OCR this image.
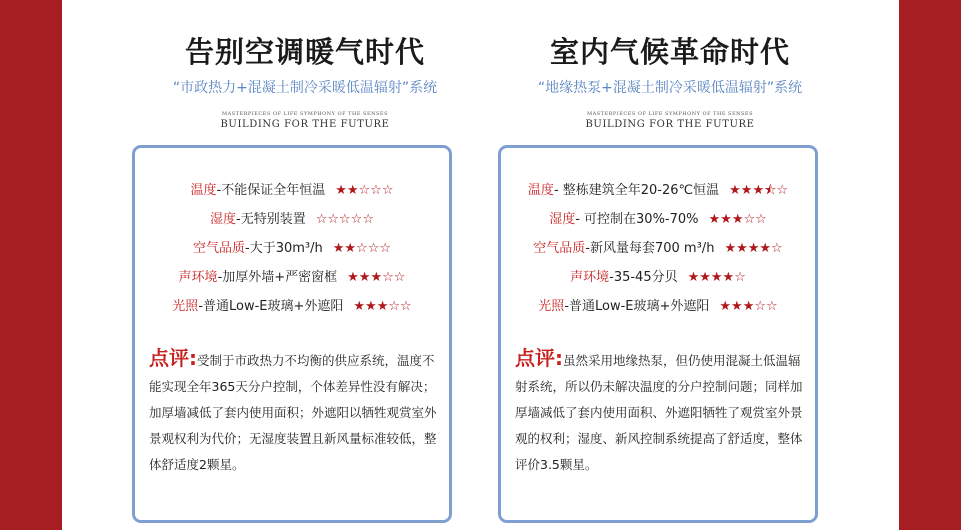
告别空调暖气时代
“市政热力+混凝土制冷采暖低温辐射”系统
MASTERPIECES OF LIFE SYMPHONY OF THE SENSES
BUILDING FOR THE FUTURE
温度-不能保证全年恒温 ★★☆☆☆
湿度-无特别装置 ☆☆☆☆☆
空气品质-大于30m³/h ★★☆☆☆
声环境-加厚外墙+严密窗框 ★★★☆☆
光照-普通Low-E玻璃+外遮阳 ★★★☆☆
点评:受制于市政热力不均衡的供应系统，温度不能实现全年365天分户控制，个体差异性没有解决；加厚墙减低了套内使用面积；外遮阳以牺牲观赏室外景观权利为代价；无湿度装置且新风量标准较低，整体舒适度2颗星。
室内气候革命时代
“地缘热泵+混凝土制冷采暖低温辐射”系统
MASTERPIECES OF LIFE SYMPHONY OF THE SENSES
BUILDING FOR THE FUTURE
温度- 整栋建筑全年20-26℃恒温 ★★★⯪☆
湿度- 可控制在30%-70% ★★★☆☆
空气品质-新风量每套700 m³/h ★★★★☆
声环境-35-45分贝 ★★★★☆
光照-普通Low-E玻璃+外遮阳 ★★★☆☆
点评:虽然采用地缘热泵，但仍使用混凝土低温辐射系统，所以仍未解决温度的分户控制问题；同样加厚墙减低了套内使用面积、外遮阳牺牲了观赏室外景观的权利；湿度、新风控制系统提高了舒适度，整体评价3.5颗星。
